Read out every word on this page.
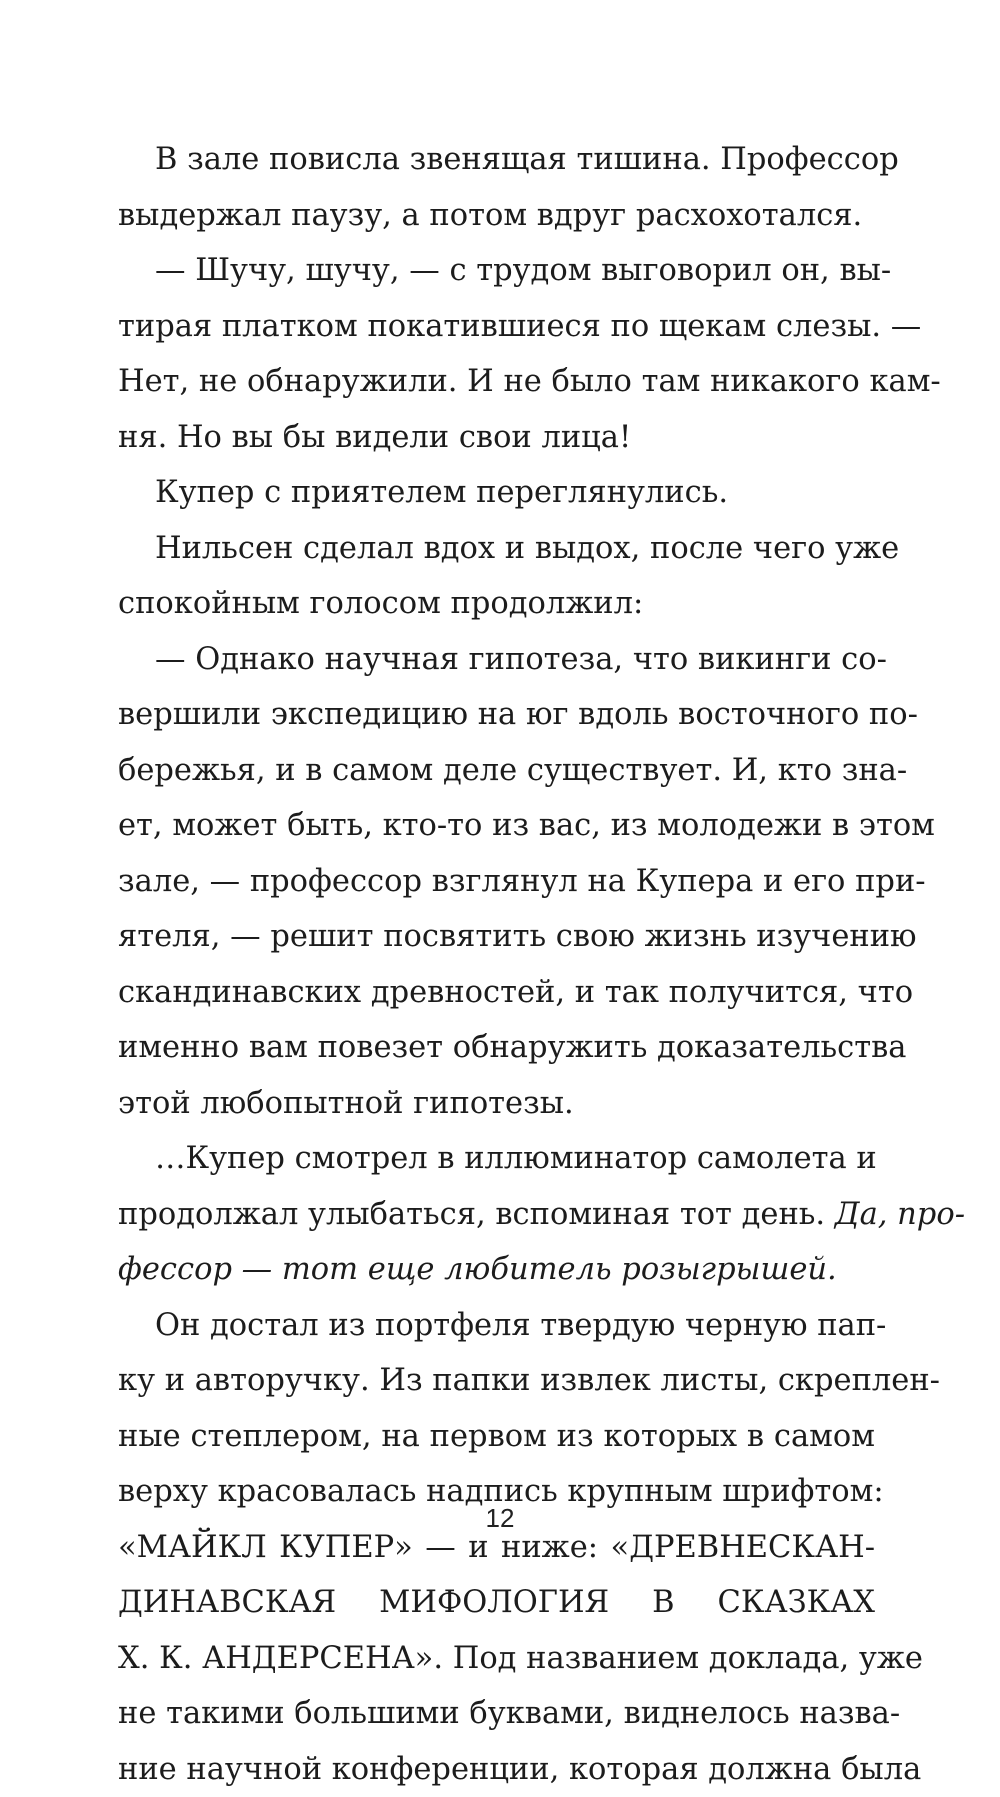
В зале повисла звенящая тишина. Профессор
выдержал паузу, а потом вдруг расхохотался.
— Шучу, шучу, — с трудом выговорил он, вы-
тирая платком покатившиеся по щекам слезы. —
Нет, не обнаружили. И не было там никакого кам-
ня. Но вы бы видели свои лица!
Купер с приятелем переглянулись.
Нильсен сделал вдох и выдох, после чего уже
спокойным голосом продолжил:
— Однако научная гипотеза, что викинги со-
вершили экспедицию на юг вдоль восточного по-
бережья, и в самом деле существует. И, кто зна-
ет, может быть, кто-то из вас, из молодежи в этом
зале, — профессор взглянул на Купера и его при-
ятеля, — решит посвятить свою жизнь изучению
скандинавских древностей, и так получится, что
именно вам повезет обнаружить доказательства
этой любопытной гипотезы.
…Купер смотрел в иллюминатор самолета и
продолжал улыбаться, вспоминая тот день. Да, про-
фессор — тот еще любитель розыгрышей.
Он достал из портфеля твердую черную пап-
ку и авторучку. Из папки извлек листы, скреплен-
ные степлером, на первом из которых в самом
верху красовалась надпись крупным шрифтом:
«МАЙКЛ КУПЕР» — и ниже: «ДРЕВНЕСКАН-
ДИНАВСКАЯ МИФОЛОГИЯ В СКАЗКАХ
Х. К. АНДЕРСЕНА». Под названием доклада, уже
не такими большими буквами, виднелось назва-
ние научной конференции, которая должна была
12
